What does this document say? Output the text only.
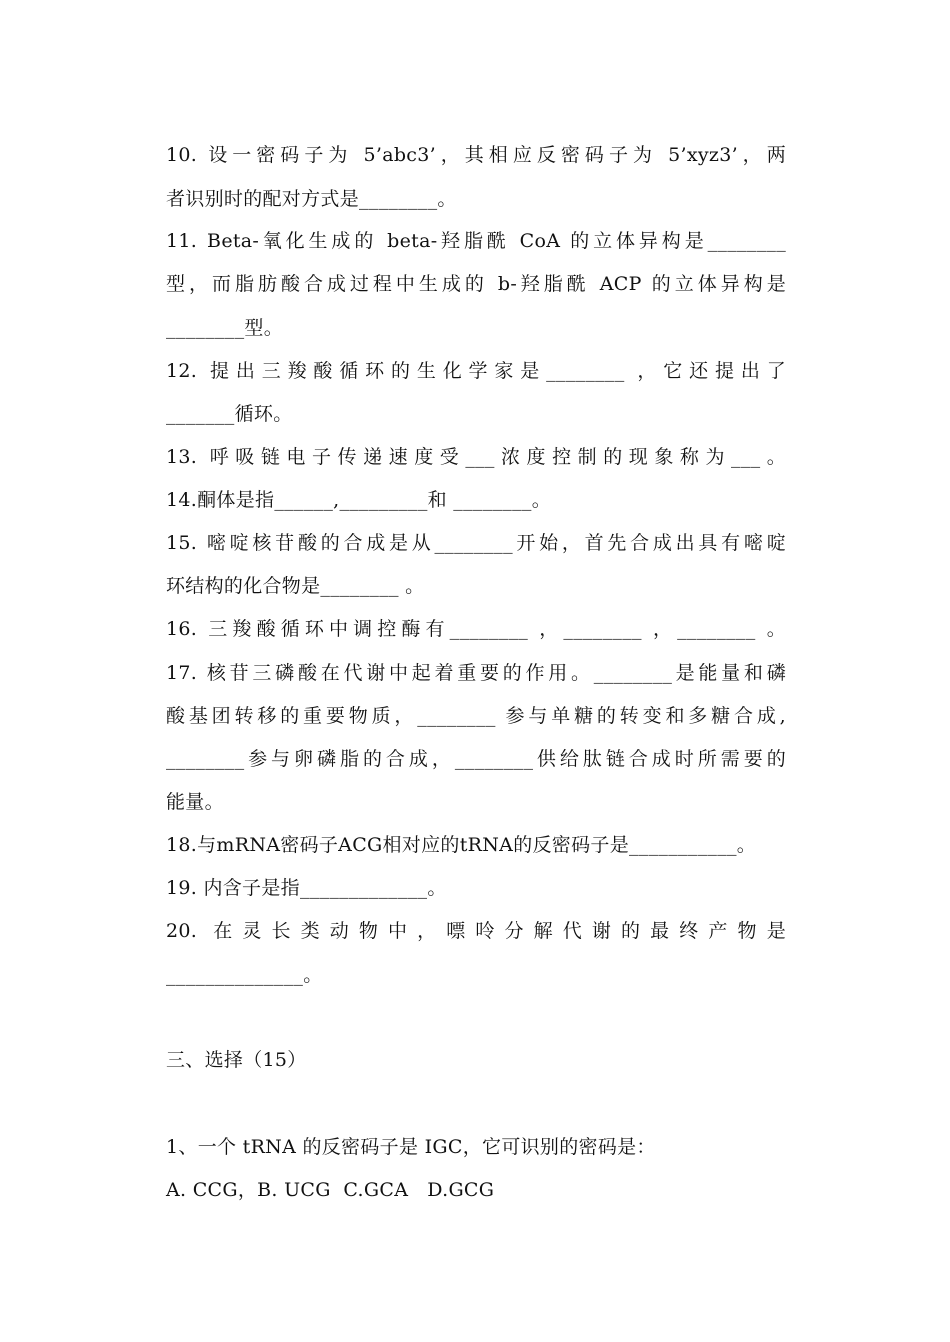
10. 设一密码子为 5’abc3’，其相应反密码子为 5’xyz3’，两
者识别时的配对方式是________。
11. Beta-氧化生成的 beta-羟脂酰 CoA 的立体异构是________
型，而脂肪酸合成过程中生成的 b-羟脂酰 ACP 的立体异构是
________型。
12. 提出三羧酸循环的生化学家是________ ，它还提出了
_______循环。
13. 呼吸链电子传递速度受___浓度控制的现象称为___。
14.酮体是指______,_________和 ________。
15. 嘧啶核苷酸的合成是从________开始，首先合成出具有嘧啶
环结构的化合物是________ 。
16. 三羧酸循环中调控酶有________ ，________ ，________ 。
17. 核苷三磷酸在代谢中起着重要的作用。________是能量和磷
酸基团转移的重要物质，________ 参与单糖的转变和多糖合成,
________参与卵磷脂的合成，________供给肽链合成时所需要的
能量。
18.与mRNA密码子ACG相对应的tRNA的反密码子是___________。
19. 内含子是指_____________。
20. 在灵长类动物中，嘌呤分解代谢的最终产物是
______________。
三、选择（15）
1、一个 tRNA 的反密码子是 IGC，它可识别的密码是：
A. CCG，B. UCG  C.GCA   D.GCG
